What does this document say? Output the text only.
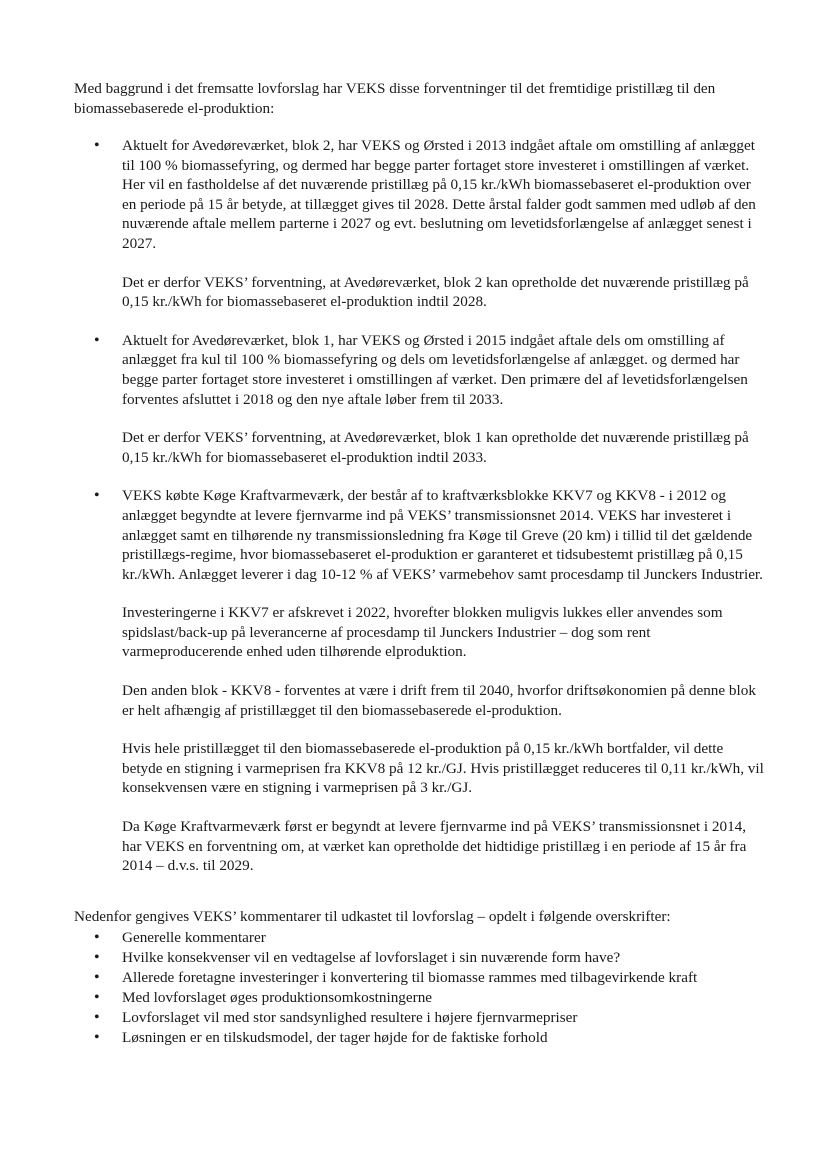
Med baggrund i det fremsatte lovforslag har VEKS disse forventninger til det fremtidige pristillæg til den biomassebaserede el-produktion:

• Aktuelt for Avedøreværket, blok 2, har VEKS og Ørsted i 2013 indgået aftale om omstilling af anlægget til 100 % biomassefyring, og dermed har begge parter fortaget store investeret i omstillingen af værket. Her vil en fastholdelse af det nuværende pristillæg på 0,15 kr./kWh biomassebaseret el-produktion over en periode på 15 år betyde, at tillægget gives til 2028. Dette årstal falder godt sammen med udløb af den nuværende aftale mellem parterne i 2027 og evt. beslutning om levetidsforlængelse af anlægget senest i 2027.

Det er derfor VEKS’ forventning, at Avedøreværket, blok 2 kan opretholde det nuværende pristillæg på 0,15 kr./kWh for biomassebaseret el-produktion indtil 2028.

• Aktuelt for Avedøreværket, blok 1, har VEKS og Ørsted i 2015 indgået aftale dels om omstilling af anlægget fra kul til 100 % biomassefyring og dels om levetidsforlængelse af anlægget. og dermed har begge parter fortaget store investeret i omstillingen af værket. Den primære del af levetidsforlængelsen forventes afsluttet i 2018 og den nye aftale løber frem til 2033.

Det er derfor VEKS’ forventning, at Avedøreværket, blok 1 kan opretholde det nuværende pristillæg på 0,15 kr./kWh for biomassebaseret el-produktion indtil 2033.

• VEKS købte Køge Kraftvarmeværk, der består af to kraftværksblokke KKV7 og KKV8 - i 2012 og anlægget begyndte at levere fjernvarme ind på VEKS’ transmissionsnet 2014. VEKS har investeret i anlægget samt en tilhørende ny transmissionsledning fra Køge til Greve (20 km) i tillid til det gældende pristillægs-regime, hvor biomassebaseret el-produktion er garanteret et tidsubestemt pristillæg på 0,15 kr./kWh. Anlægget leverer i dag 10-12 % af VEKS’ varmebehov samt procesdamp til Junckers Industrier.

Investeringerne i KKV7 er afskrevet i 2022, hvorefter blokken muligvis lukkes eller anvendes som spidslast/back-up på leverancerne af procesdamp til Junckers Industrier – dog som rent varmeproducerende enhed uden tilhørende elproduktion.

Den anden blok - KKV8 - forventes at være i drift frem til 2040, hvorfor driftsøkonomien på denne blok er helt afhængig af pristillægget til den biomassebaserede el-produktion.

Hvis hele pristillægget til den biomassebaserede el-produktion på 0,15 kr./kWh bortfalder, vil dette betyde en stigning i varmeprisen fra KKV8 på 12 kr./GJ. Hvis pristillægget reduceres til 0,11 kr./kWh, vil konsekvensen være en stigning i varmeprisen på 3 kr./GJ.

Da Køge Kraftvarmeværk først er begyndt at levere fjernvarme ind på VEKS’ transmissionsnet i 2014, har VEKS en forventning om, at værket kan opretholde det hidtidige pristillæg i en periode af 15 år fra 2014 – d.v.s. til 2029.

Nedenfor gengives VEKS’ kommentarer til udkastet til lovforslag – opdelt i følgende overskrifter:

• Generelle kommentarer
• Hvilke konsekvenser vil en vedtagelse af lovforslaget i sin nuværende form have?
• Allerede foretagne investeringer i konvertering til biomasse rammes med tilbagevirkende kraft
• Med lovforslaget øges produktionsomkostningerne
• Lovforslaget vil med stor sandsynlighed resultere i højere fjernvarmepriser
• Løsningen er en tilskudsmodel, der tager højde for de faktiske forhold
